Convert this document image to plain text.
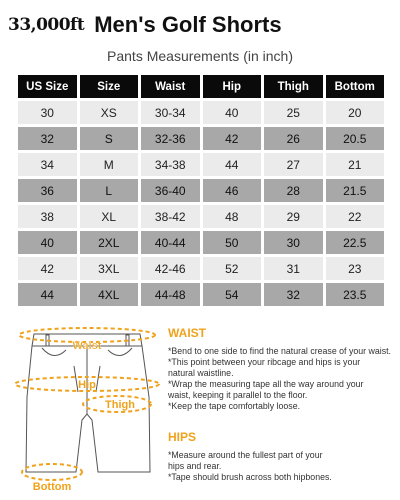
33,000ft Men's Golf Shorts
Pants Measurements (in inch)
US Size	Size	Waist	Hip	Thigh	Bottom
30	XS	30-34	40	25	20
32	S	32-36	42	26	20.5
34	M	34-38	44	27	21
36	L	36-40	46	28	21.5
38	XL	38-42	48	29	22
40	2XL	40-44	50	30	22.5
42	3XL	42-46	52	31	23
44	4XL	44-48	54	32	23.5
Waist
Hip
Thigh
Bottom
WAIST

*Bend to one side to find the natural crease of your waist.

*This point between your ribcage and hips is your

natural waistline.

*Wrap the measuring tape all the way around your

waist, keeping it parallel to the floor.

*Keep the tape comfortably loose.

HIPS

*Measure around the fullest part of your

hips and rear.

*Tape should brush across both hipbones.
